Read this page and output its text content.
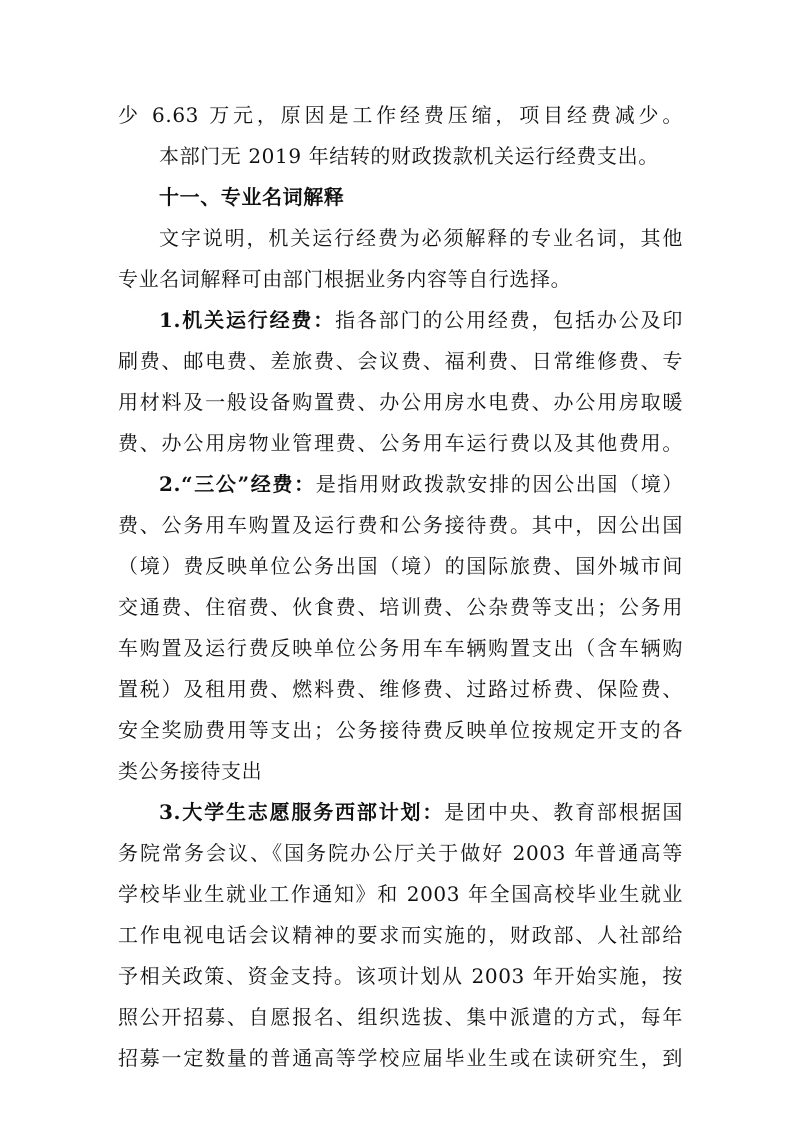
少 6.63 万元，原因是工作经费压缩，项目经费减少。
本部门无 2019 年结转的财政拨款机关运行经费支出。
十一、专业名词解释
文字说明，机关运行经费为必须解释的专业名词，其他
专业名词解释可由部门根据业务内容等自行选择。
1.机关运行经费：指各部门的公用经费，包括办公及印
刷费、邮电费、差旅费、会议费、福利费、日常维修费、专
用材料及一般设备购置费、办公用房水电费、办公用房取暖
费、办公用房物业管理费、公务用车运行费以及其他费用。
2.“三公”经费：是指用财政拨款安排的因公出国（境）
费、公务用车购置及运行费和公务接待费。其中，因公出国
（境）费反映单位公务出国（境）的国际旅费、国外城市间
交通费、住宿费、伙食费、培训费、公杂费等支出；公务用
车购置及运行费反映单位公务用车车辆购置支出（含车辆购
置税）及租用费、燃料费、维修费、过路过桥费、保险费、
安全奖励费用等支出；公务接待费反映单位按规定开支的各
类公务接待支出
3.大学生志愿服务西部计划：是团中央、教育部根据国
务院常务会议、《国务院办公厅关于做好 2003 年普通高等
学校毕业生就业工作通知》和 2003 年全国高校毕业生就业
工作电视电话会议精神的要求而实施的，财政部、人社部给
予相关政策、资金支持。该项计划从 2003 年开始实施，按
照公开招募、自愿报名、组织选拔、集中派遣的方式，每年
招募一定数量的普通高等学校应届毕业生或在读研究生，到
